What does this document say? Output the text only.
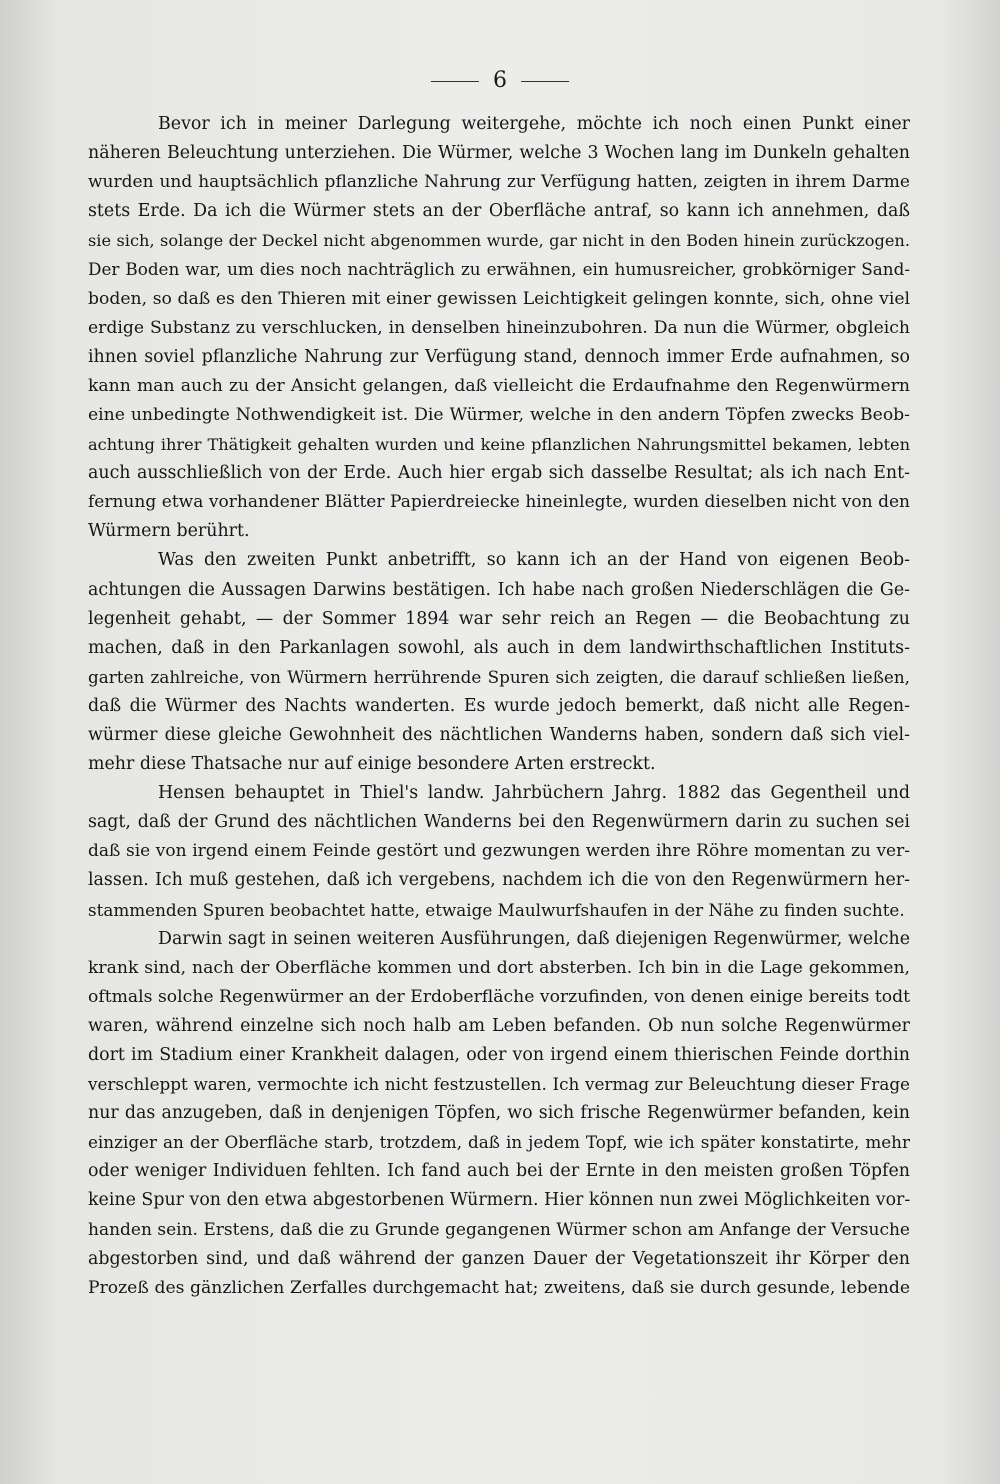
6
Bevor ich in meiner Darlegung weitergehe, möchte ich noch einen Punkt einer
näheren Beleuchtung unterziehen. Die Würmer, welche 3 Wochen lang im Dunkeln gehalten
wurden und hauptsächlich pflanzliche Nahrung zur Verfügung hatten, zeigten in ihrem Darme
stets Erde. Da ich die Würmer stets an der Oberfläche antraf, so kann ich annehmen, daß
sie sich, solange der Deckel nicht abgenommen wurde, gar nicht in den Boden hinein zurückzogen.
Der Boden war, um dies noch nachträglich zu erwähnen, ein humusreicher, grobkörniger Sand-
boden, so daß es den Thieren mit einer gewissen Leichtigkeit gelingen konnte, sich, ohne viel
erdige Substanz zu verschlucken, in denselben hineinzubohren. Da nun die Würmer, obgleich
ihnen soviel pflanzliche Nahrung zur Verfügung stand, dennoch immer Erde aufnahmen, so
kann man auch zu der Ansicht gelangen, daß vielleicht die Erdaufnahme den Regenwürmern
eine unbedingte Nothwendigkeit ist. Die Würmer, welche in den andern Töpfen zwecks Beob-
achtung ihrer Thätigkeit gehalten wurden und keine pflanzlichen Nahrungsmittel bekamen, lebten
auch ausschließlich von der Erde. Auch hier ergab sich dasselbe Resultat; als ich nach Ent-
fernung etwa vorhandener Blätter Papierdreiecke hineinlegte, wurden dieselben nicht von den
Würmern berührt.
Was den zweiten Punkt anbetrifft, so kann ich an der Hand von eigenen Beob-
achtungen die Aussagen Darwins bestätigen. Ich habe nach großen Niederschlägen die Ge-
legenheit gehabt, — der Sommer 1894 war sehr reich an Regen — die Beobachtung zu
machen, daß in den Parkanlagen sowohl, als auch in dem landwirthschaftlichen Instituts-
garten zahlreiche, von Würmern herrührende Spuren sich zeigten, die darauf schließen ließen,
daß die Würmer des Nachts wanderten. Es wurde jedoch bemerkt, daß nicht alle Regen-
würmer diese gleiche Gewohnheit des nächtlichen Wanderns haben, sondern daß sich viel-
mehr diese Thatsache nur auf einige besondere Arten erstreckt.
Hensen behauptet in Thiel's landw. Jahrbüchern Jahrg. 1882 das Gegentheil und
sagt, daß der Grund des nächtlichen Wanderns bei den Regenwürmern darin zu suchen sei
daß sie von irgend einem Feinde gestört und gezwungen werden ihre Röhre momentan zu ver-
lassen. Ich muß gestehen, daß ich vergebens, nachdem ich die von den Regenwürmern her-
stammenden Spuren beobachtet hatte, etwaige Maulwurfshaufen in der Nähe zu finden suchte.
Darwin sagt in seinen weiteren Ausführungen, daß diejenigen Regenwürmer, welche
krank sind, nach der Oberfläche kommen und dort absterben. Ich bin in die Lage gekommen,
oftmals solche Regenwürmer an der Erdoberfläche vorzufinden, von denen einige bereits todt
waren, während einzelne sich noch halb am Leben befanden. Ob nun solche Regenwürmer
dort im Stadium einer Krankheit dalagen, oder von irgend einem thierischen Feinde dorthin
verschleppt waren, vermochte ich nicht festzustellen. Ich vermag zur Beleuchtung dieser Frage
nur das anzugeben, daß in denjenigen Töpfen, wo sich frische Regenwürmer befanden, kein
einziger an der Oberfläche starb, trotzdem, daß in jedem Topf, wie ich später konstatirte, mehr
oder weniger Individuen fehlten. Ich fand auch bei der Ernte in den meisten großen Töpfen
keine Spur von den etwa abgestorbenen Würmern. Hier können nun zwei Möglichkeiten vor-
handen sein. Erstens, daß die zu Grunde gegangenen Würmer schon am Anfange der Versuche
abgestorben sind, und daß während der ganzen Dauer der Vegetationszeit ihr Körper den
Prozeß des gänzlichen Zerfalles durchgemacht hat; zweitens, daß sie durch gesunde, lebende
